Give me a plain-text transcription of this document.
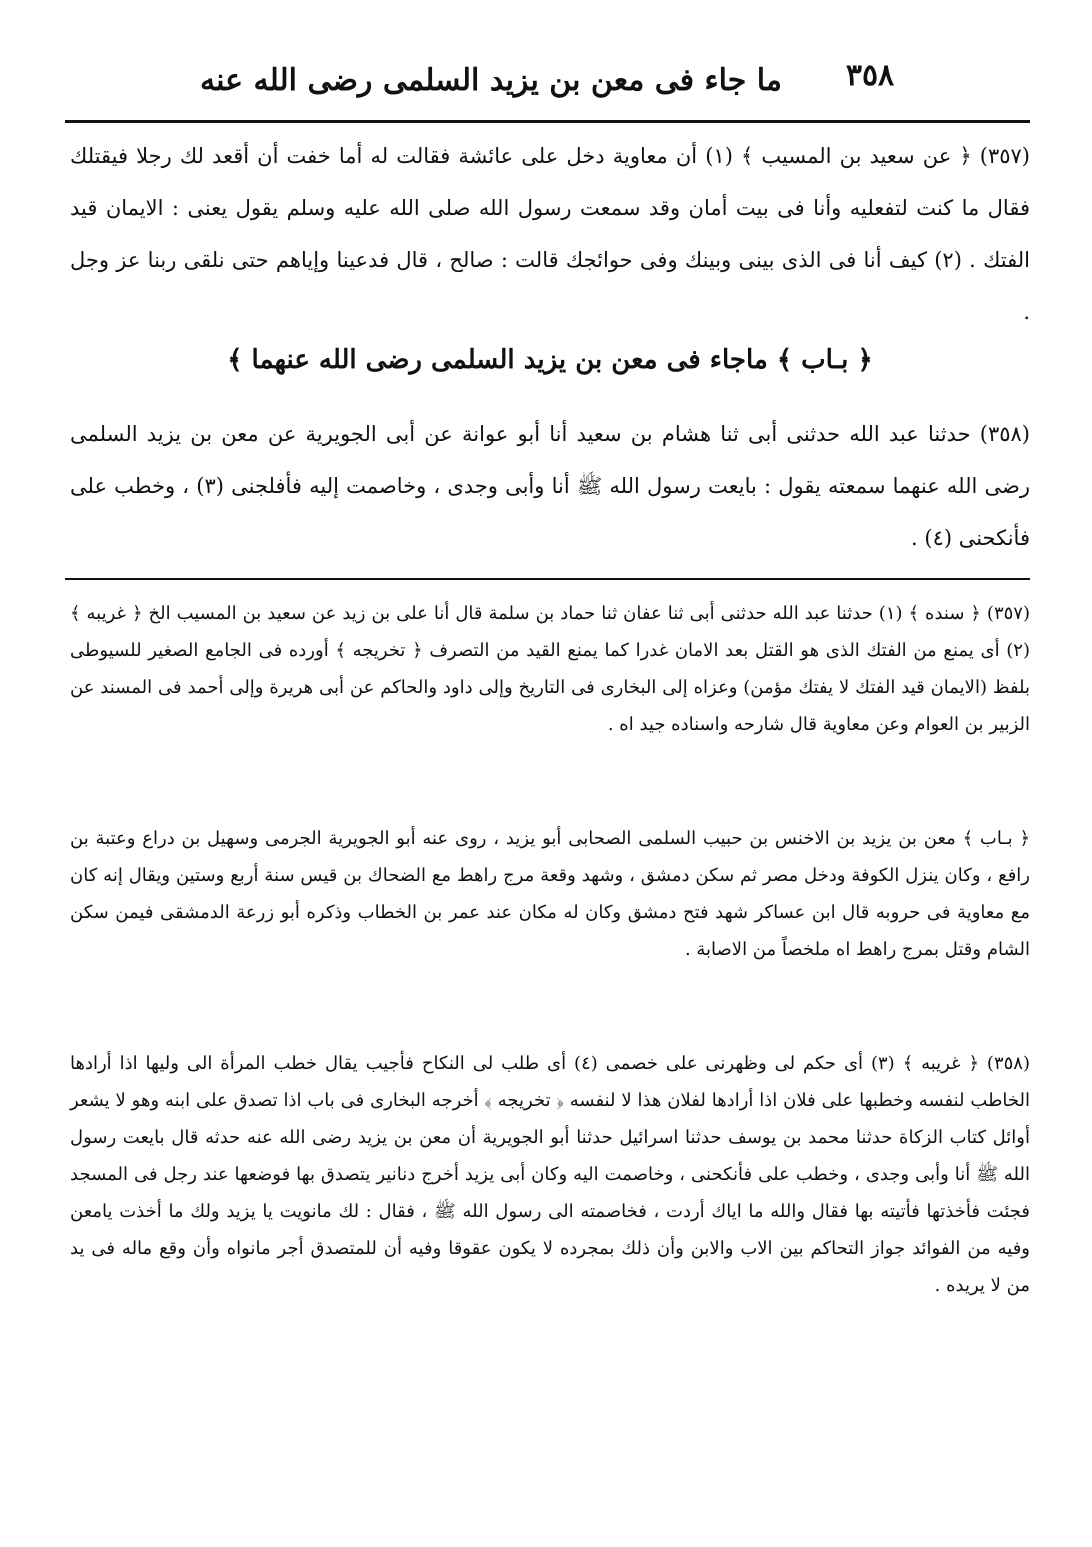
ما جاء فى معن بن يزيد السلمى رضى الله عنه	٣٥٨

(٣٥٧) ﴿ عن سعيد بن المسيب ﴾ (١) أن معاوية دخل على عائشة فقالت له أما خفت أن أقعد لك رجلا فيقتلك فقال ما كنت لتفعليه وأنا فى بيت أمان وقد سمعت رسول الله صلى الله عليه وسلم يقول يعنى : الايمان قيد الفتك . (٢) كيف أنا فى الذى بينى وبينك وفى حوائجك قالت : صالح ، قال فدعينا وإياهم حتى نلقى ربنا عز وجل .

﴿ بـاب ﴾ ماجاء فى معن بن يزيد السلمى رضى الله عنهما ﴾

(٣٥٨) حدثنا عبد الله حدثنى أبى ثنا هشام بن سعيد أنا أبو عوانة عن أبى الجويرية عن معن بن يزيد السلمى رضى الله عنهما سمعته يقول : بايعت رسول الله ﷺ أنا وأبى وجدى ، وخاصمت إليه فأفلجنى (٣) ، وخطب على فأنكحنى (٤) .

(٣٥٧) ﴿ سنده ﴾ (١) حدثنا عبد الله حدثنى أبى ثنا عفان ثنا حماد بن سلمة قال أنا على بن زيد عن سعيد بن المسيب الخ ﴿ غريبه ﴾ (٢) أى يمنع من الفتك الذى هو القتل بعد الامان غدرا كما يمنع القيد من التصرف ﴿ تخريجه ﴾ أورده فى الجامع الصغير للسيوطى بلفظ (الايمان قيد الفتك لا يفتك مؤمن) وعزاه إلى البخارى فى التاريخ وإلى داود والحاكم عن أبى هريرة وإلى أحمد فى المسند عن الزبير بن العوام وعن معاوية قال شارحه واسناده جيد اه .

﴿ بـاب ﴾ معن بن يزيد بن الاخنس بن حبيب السلمى الصحابى أبو يزيد ، روى عنه أبو الجويرية الجرمى وسهيل بن دراع وعتبة بن رافع ، وكان ينزل الكوفة ودخل مصر ثم سكن دمشق ، وشهد وقعة مرج راهط مع الضحاك بن قيس سنة أربع وستين ويقال إنه كان مع معاوية فى حروبه قال ابن عساكر شهد فتح دمشق وكان له مكان عند عمر بن الخطاب وذكره أبو زرعة الدمشقى فيمن سكن الشام وقتل بمرج راهط اه ملخصاً من الاصابة .

(٣٥٨) ﴿ غريبه ﴾ (٣) أى حكم لى وظهرنى على خصمى (٤) أى طلب لى النكاح فأجيب يقال خطب المرأة الى وليها اذا أرادها الخاطب لنفسه وخطبها على فلان اذا أرادها لفلان هذا لا لنفسه ﴿ تخريجه ﴾ أخرجه البخارى فى باب اذا تصدق على ابنه وهو لا يشعر أوائل كتاب الزكاة حدثنا محمد بن يوسف حدثنا اسرائيل حدثنا أبو الجويرية أن معن بن يزيد رضى الله عنه حدثه قال بايعت رسول الله ﷺ أنا وأبى وجدى ، وخطب على فأنكحنى ، وخاصمت اليه وكان أبى يزيد أخرج دنانير يتصدق بها فوضعها عند رجل فى المسجد فجئت فأخذتها فأتيته بها فقال والله ما اياك أردت ، فخاصمته الى رسول الله ﷺ ، فقال : لك مانويت يا يزيد ولك ما أخذت يامعن وفيه من الفوائد جواز التحاكم بين الاب والابن وأن ذلك بمجرده لا يكون عقوقا وفيه أن للمتصدق أجر مانواه وأن وقع ماله فى يد من لا يريده .
